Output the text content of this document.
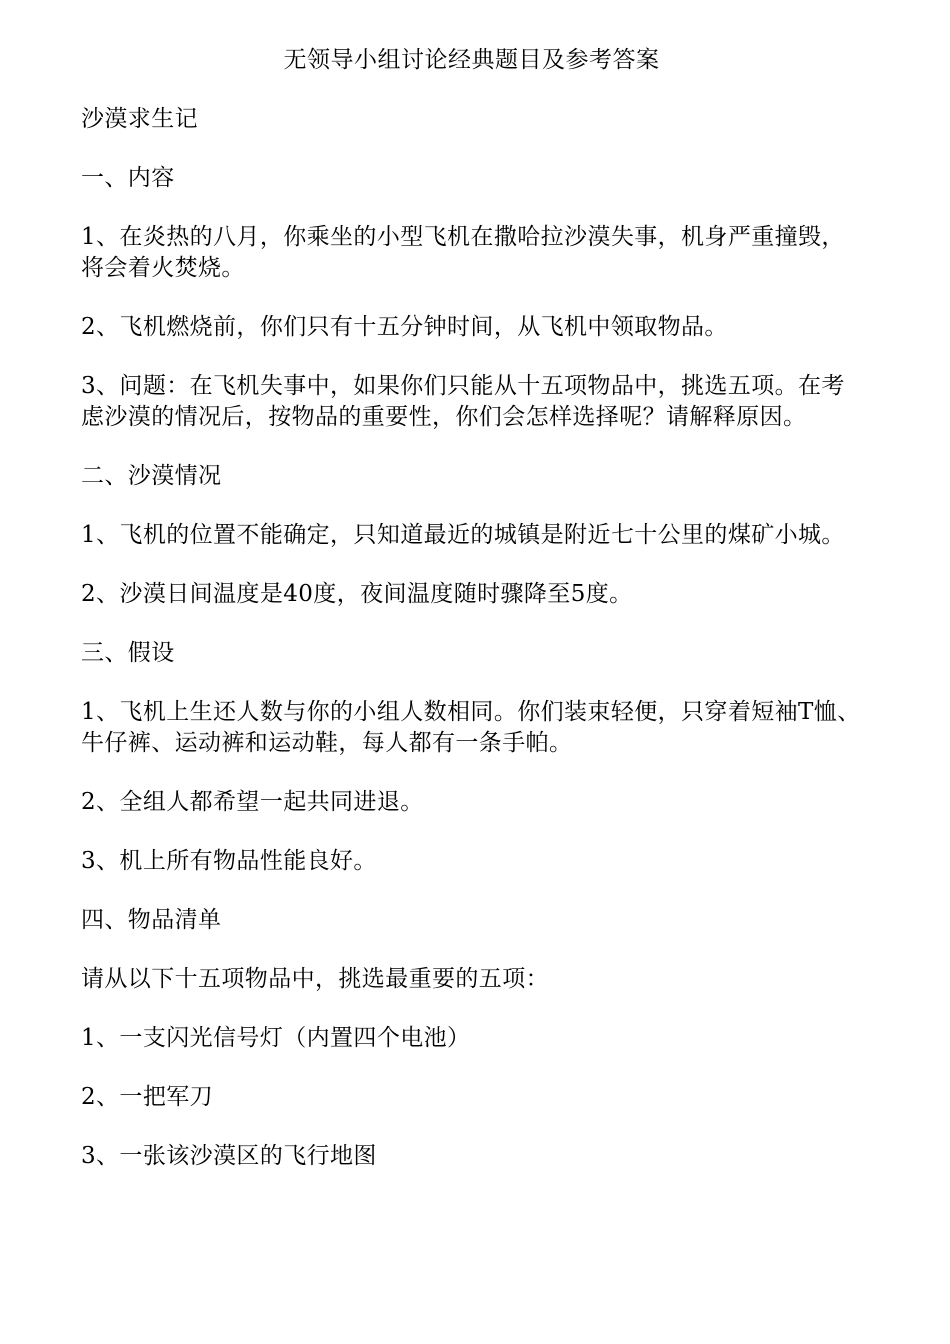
无领导小组讨论经典题目及参考答案
沙漠求生记
一、内容
1、在炎热的八月，你乘坐的小型飞机在撒哈拉沙漠失事，机身严重撞毁，将会着火焚烧。
2、飞机燃烧前，你们只有十五分钟时间，从飞机中领取物品。
3、问题：在飞机失事中，如果你们只能从十五项物品中，挑选五项。在考虑沙漠的情况后，按物品的重要性，你们会怎样选择呢？请解释原因。
二、沙漠情况
1、飞机的位置不能确定，只知道最近的城镇是附近七十公里的煤矿小城。
2、沙漠日间温度是40度，夜间温度随时骤降至5度。
三、假设
1、飞机上生还人数与你的小组人数相同。你们装束轻便，只穿着短袖T恤、牛仔裤、运动裤和运动鞋，每人都有一条手帕。
2、全组人都希望一起共同进退。
3、机上所有物品性能良好。
四、物品清单
请从以下十五项物品中，挑选最重要的五项：
1、一支闪光信号灯（内置四个电池）
2、一把军刀
3、一张该沙漠区的飞行地图
